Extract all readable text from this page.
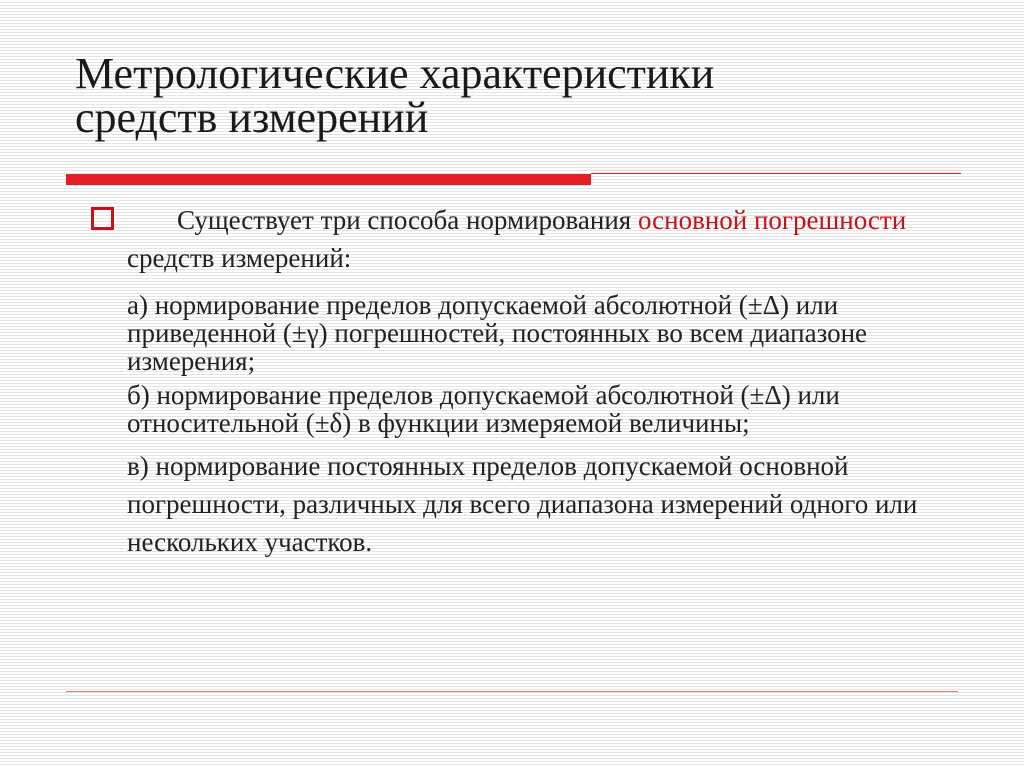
Метрологические характеристики
средств измерений

Существует три способа нормирования основной погрешности средств измерений:

а) нормирование пределов допускаемой абсолютной (±Δ) или приведенной (±γ) погрешностей, постоянных во всем диапазоне измерения;

б) нормирование пределов допускаемой абсолютной (±Δ) или относительной (±δ) в функции измеряемой величины;

в) нормирование постоянных пределов допускаемой основной погрешности, различных для всего диапазона измерений одного или нескольких участков.
